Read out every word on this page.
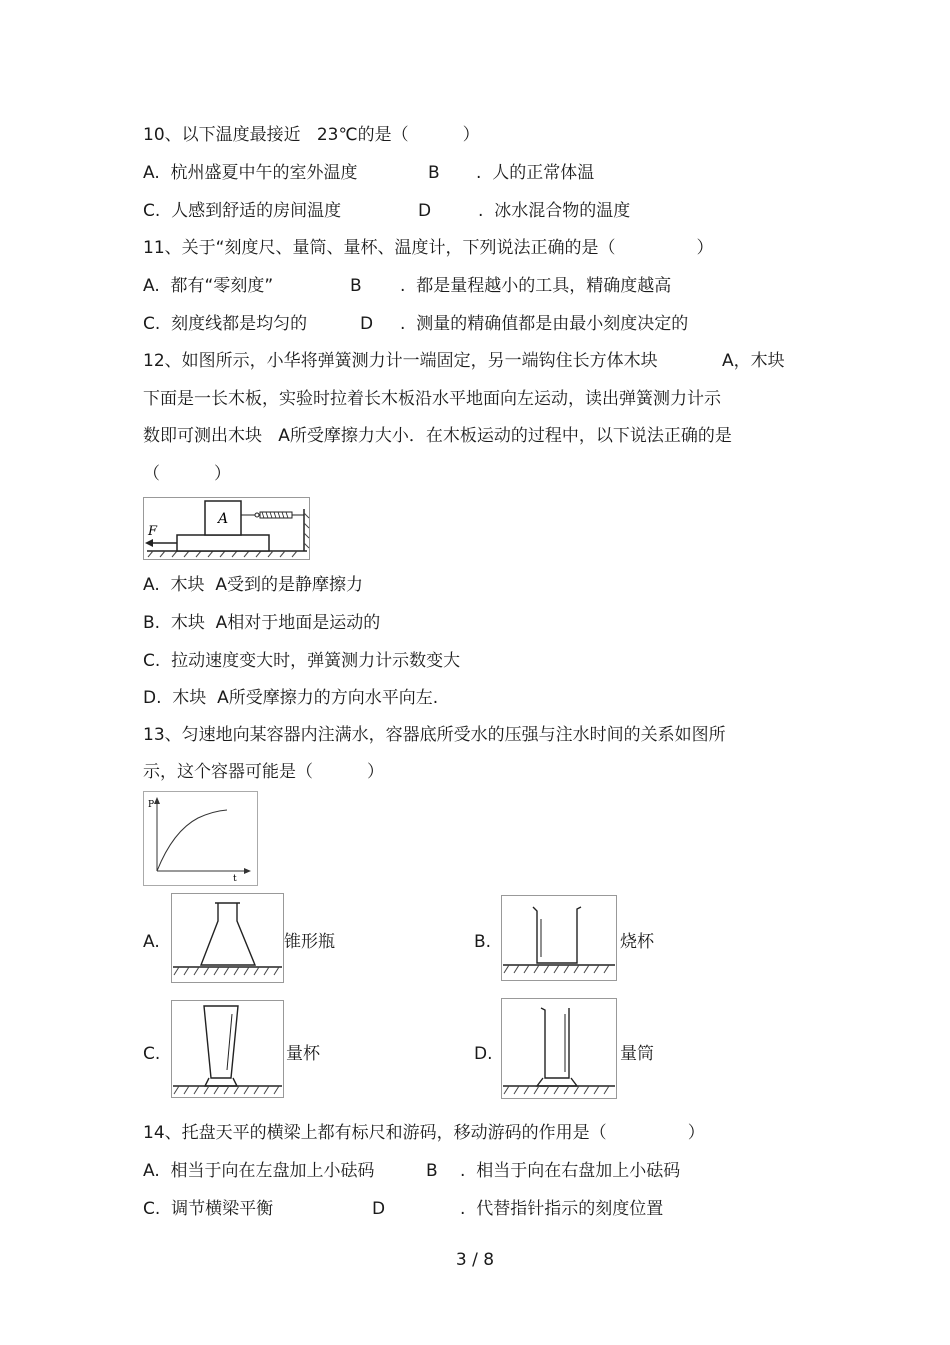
10、以下温度最接近   23℃的是（          ）
A.  杭州盛夏中午的室外温度	B .  人的正常体温
C.  人感到舒适的房间温度	D	.  冰水混合物的温度
11、关于“刻度尺、量筒、量杯、温度计，下列说法正确的是（               ）
A.  都有“零刻度”	B .  都是量程越小的工具，精确度越高
C.  刻度线都是均匀的	D .  测量的精确值都是由最小刻度决定的
12、如图所示，小华将弹簧测力计一端固定，另一端钩住长方体木块	A，木块
下面是一长木板，实验时拉着长木板沿水平地面向左运动，读出弹簧测力计示
数即可测出木块   A所受摩擦力大小．在木板运动的过程中，以下说法正确的是
（          ）
A
F
A.  木块  A受到的是静摩擦力
B.  木块  A相对于地面是运动的
C.  拉动速度变大时，弹簧测力计示数变大
D.  木块  A所受摩擦力的方向水平向左.
13、匀速地向某容器内注满水，容器底所受水的压强与注水时间的关系如图所
示，这个容器可能是（          ）
P
t
A.	锥形瓶	B.	烧杯
C.	量杯	D.	量筒
14、托盘天平的横梁上都有标尺和游码，移动游码的作用是（               ）
A.  相当于向在左盘加上小砝码	B .  相当于向在右盘加上小砝码
C.  调节横梁平衡	D	.  代替指针指示的刻度位置
3 / 8
